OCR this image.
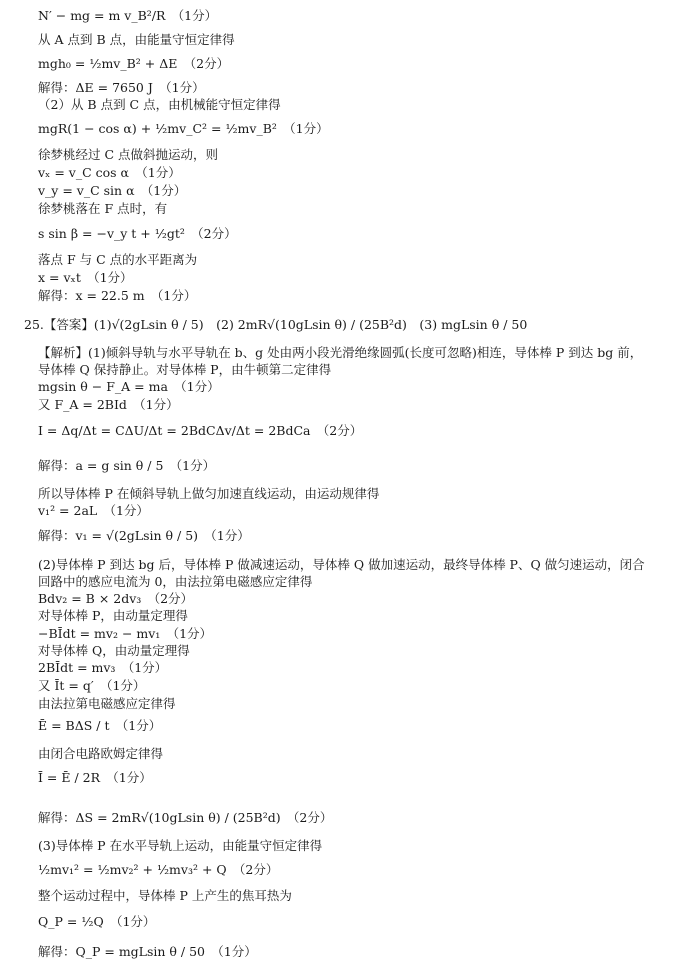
N′ − mg = m v_B²/R　（1分）
从 A 点到 B 点，由能量守恒定律得
mgh₀ = ½mv_B² + ΔE　（2分）
解得：ΔE = 7650 J　（1分）
（2）从 B 点到 C 点，由机械能守恒定律得
mgR(1 − cos α) + ½mv_C² = ½mv_B²　（1分）
徐梦桃经过 C 点做斜抛运动，则
vₓ = v_C cos α　（1分）
v_y = v_C sin α　（1分）
徐梦桃落在 F 点时，有
s sin β = −v_y t + ½gt²　（2分）
落点 F 与 C 点的水平距离为
x = vₓt　（1分）
解得：x = 22.5 m　（1分）
25.【答案】(1)√(2gLsin θ / 5)　(2) 2mR√(10gLsin θ) / (25B²d)　(3) mgLsin θ / 50
【解析】(1)倾斜导轨与水平导轨在 b、g 处由两小段光滑绝缘圆弧(长度可忽略)相连，导体棒 P 到达 bg 前，
导体棒 Q 保持静止。对导体棒 P，由牛顿第二定律得
mgsin θ − F_A = ma　（1分）
又 F_A = 2BId　（1分）
I = Δq/Δt = CΔU/Δt = 2BdCΔv/Δt = 2BdCa　（2分）
解得：a = g sin θ / 5　（1分）
所以导体棒 P 在倾斜导轨上做匀加速直线运动，由运动规律得
v₁² = 2aL　（1分）
解得：v₁ = √(2gLsin θ / 5)　（1分）
(2)导体棒 P 到达 bg 后，导体棒 P 做减速运动，导体棒 Q 做加速运动，最终导体棒 P、Q 做匀速运动，闭合
回路中的感应电流为 0，由法拉第电磁感应定律得
Bdv₂ = B × 2dv₃　（2分）
对导体棒 P，由动量定理得
−BĪdt = mv₂ − mv₁　（1分）
对导体棒 Q，由动量定理得
2BĪdt = mv₃　（1分）
又 Īt = q′　（1分）
由法拉第电磁感应定律得
Ē = BΔS / t　（1分）
由闭合电路欧姆定律得
Ī = Ē / 2R　（1分）
解得：ΔS = 2mR√(10gLsin θ) / (25B²d)　（2分）
(3)导体棒 P 在水平导轨上运动，由能量守恒定律得
½mv₁² = ½mv₂² + ½mv₃² + Q　（2分）
整个运动过程中，导体棒 P 上产生的焦耳热为
Q_P = ½Q　（1分）
解得：Q_P = mgLsin θ / 50　（1分）
